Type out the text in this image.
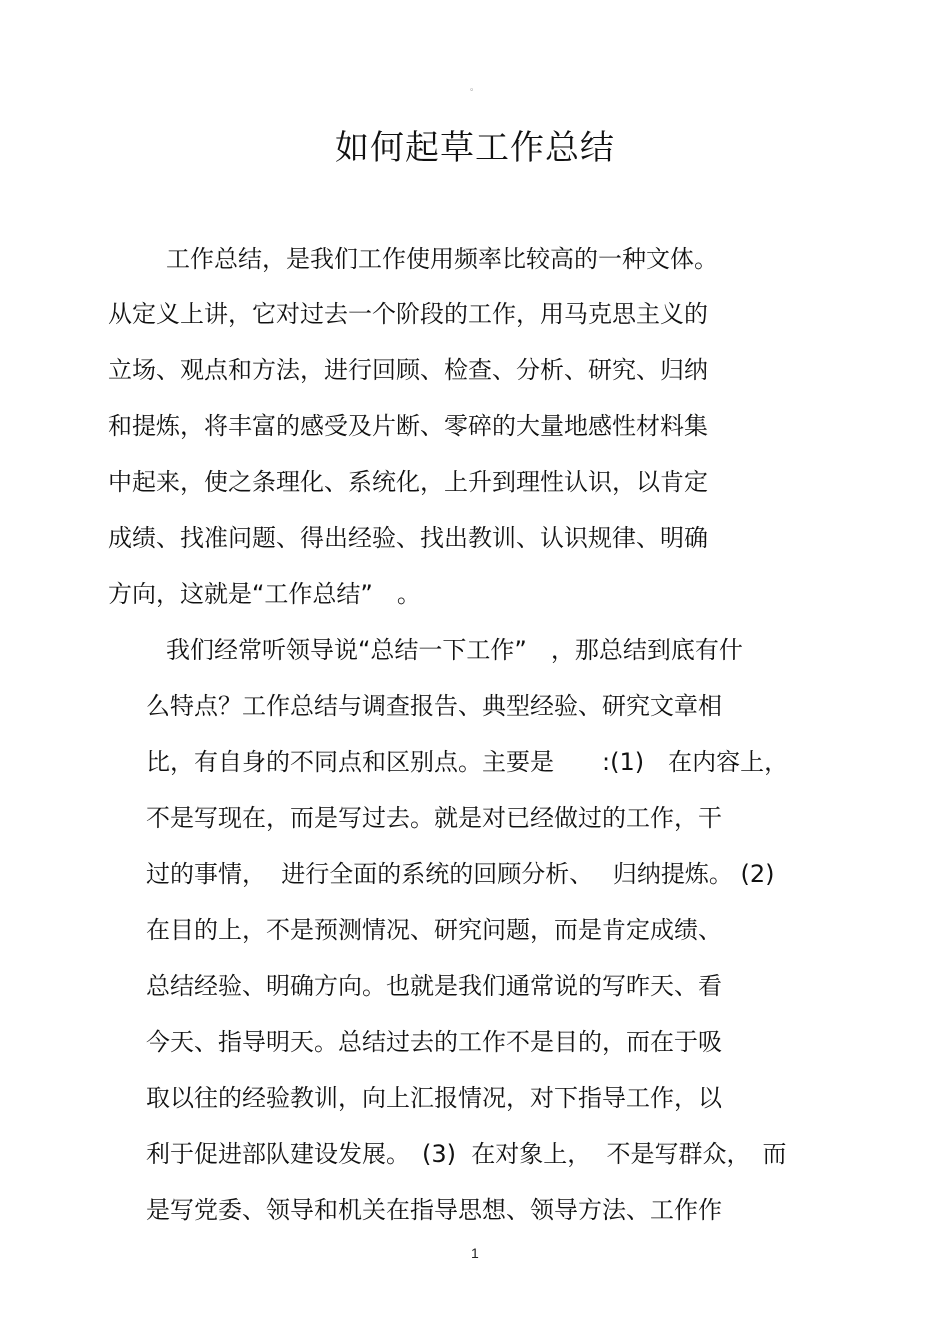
。
如何起草工作总结
工作总结，是我们工作使用频率比较高的一种文体。
从定义上讲，它对过去一个阶段的工作，用马克思主义的
立场、观点和方法，进行回顾、检查、分析、研究、归纳
和提炼，将丰富的感受及片断、零碎的大量地感性材料集
中起来，使之条理化、系统化，上升到理性认识，以肯定
成绩、找准问题、得出经验、找出教训、认识规律、明确
方向，这就是“工作总结”　。
我们经常听领导说“总结一下工作”　，那总结到底有什
么特点？工作总结与调查报告、典型经验、研究文章相
比，有自身的不同点和区别点。主要是　　:(1)　在内容上，
不是写现在，而是写过去。就是对已经做过的工作，干
过的事情，  进行全面的系统的回顾分析、　 归纳提炼。 (2)
在目的上，不是预测情况、研究问题，而是肯定成绩、
总结经验、明确方向。也就是我们通常说的写昨天、看
今天、指导明天。总结过去的工作不是目的，而在于吸
取以往的经验教训，向上汇报情况，对下指导工作，以
利于促进部队建设发展。　(3)  在对象上，  不是写群众，　而
是写党委、领导和机关在指导思想、领导方法、工作作
1
